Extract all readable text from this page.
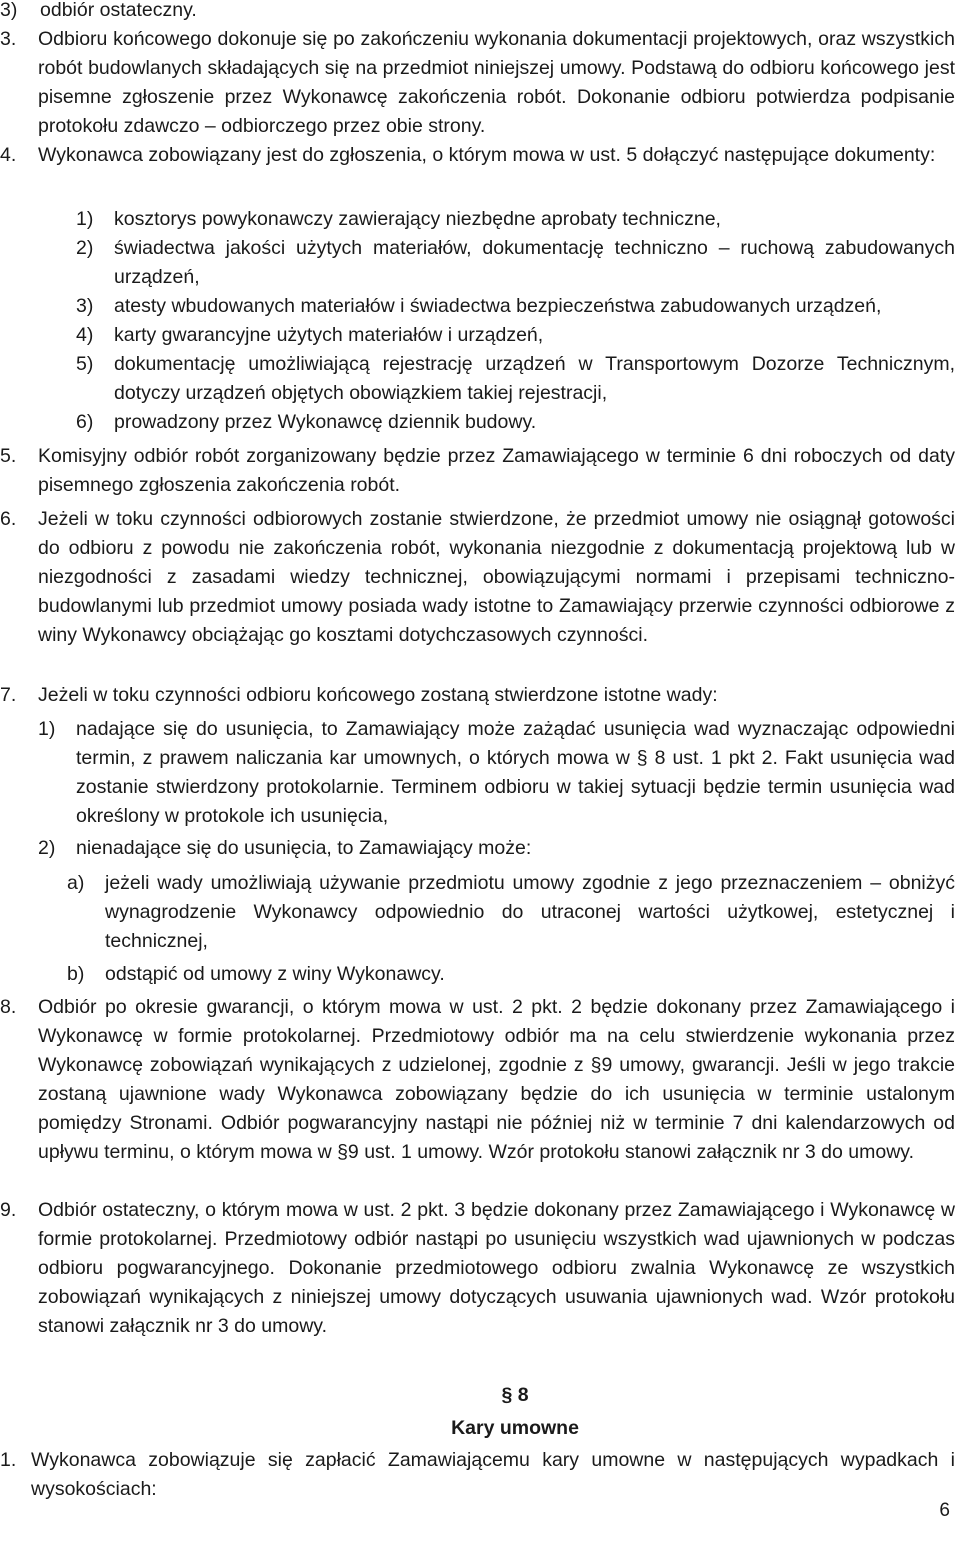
3) odbiór ostateczny.
3. Odbioru końcowego dokonuje się po zakończeniu wykonania dokumentacji projektowych, oraz wszystkich robót budowlanych składających się na przedmiot niniejszej umowy. Podstawą do odbioru końcowego jest pisemne zgłoszenie przez Wykonawcę zakończenia robót. Dokonanie odbioru potwierdza podpisanie protokołu zdawczo – odbiorczego przez obie strony.
4.	Wykonawca zobowiązany jest do zgłoszenia, o którym mowa w ust. 5 dołączyć następujące dokumenty:
1) kosztorys powykonawczy zawierający niezbędne aprobaty techniczne,
2) świadectwa jakości użytych materiałów, dokumentację techniczno – ruchową zabudowanych urządzeń,
3) atesty wbudowanych materiałów i świadectwa bezpieczeństwa zabudowanych urządzeń,
4) karty gwarancyjne użytych materiałów i urządzeń,
5) dokumentację umożliwiającą rejestrację urządzeń w Transportowym Dozorze Technicznym, dotyczy urządzeń objętych obowiązkiem takiej rejestracji,
6) prowadzony przez Wykonawcę dziennik budowy.
5. Komisyjny odbiór robót zorganizowany będzie przez Zamawiającego w terminie 6 dni roboczych od daty pisemnego zgłoszenia zakończenia robót.
6. Jeżeli w toku czynności odbiorowych zostanie stwierdzone, że przedmiot umowy nie osiągnął gotowości do odbioru z powodu nie zakończenia robót, wykonania niezgodnie z dokumentacją projektową lub w niezgodności z zasadami wiedzy technicznej, obowiązującymi normami i przepisami techniczno-budowlanymi lub przedmiot umowy posiada wady istotne to Zamawiający przerwie czynności odbiorowe z winy Wykonawcy obciążając go kosztami dotychczasowych czynności.
7. Jeżeli w toku czynności odbioru końcowego zostaną stwierdzone istotne wady:
1) nadające się do usunięcia, to Zamawiający może zażądać usunięcia wad wyznaczając odpowiedni termin, z prawem naliczania kar umownych, o których mowa w § 8 ust. 1 pkt 2. Fakt usunięcia wad zostanie stwierdzony protokolarnie. Terminem odbioru w takiej sytuacji będzie termin usunięcia wad określony w protokole ich usunięcia,
2) nienadające się do usunięcia, to Zamawiający może:
a) jeżeli wady umożliwiają używanie przedmiotu umowy zgodnie z jego przeznaczeniem – obniżyć wynagrodzenie Wykonawcy odpowiednio do utraconej wartości użytkowej, estetycznej i technicznej,
b) odstąpić od umowy z winy Wykonawcy.
8. Odbiór po okresie gwarancji, o którym mowa w ust. 2 pkt. 2 będzie dokonany przez Zamawiającego i Wykonawcę w formie protokolarnej. Przedmiotowy odbiór ma na celu stwierdzenie wykonania przez Wykonawcę zobowiązań wynikających z udzielonej, zgodnie z §9 umowy, gwarancji. Jeśli w jego trakcie zostaną ujawnione wady Wykonawca zobowiązany będzie do ich usunięcia w terminie ustalonym pomiędzy Stronami. Odbiór pogwarancyjny nastąpi nie później niż w terminie 7 dni kalendarzowych od upływu terminu, o którym mowa w §9 ust. 1 umowy. Wzór protokołu stanowi załącznik nr 3 do umowy.
9. Odbiór ostateczny, o którym mowa w ust. 2 pkt. 3 będzie dokonany przez Zamawiającego i Wykonawcę w formie protokolarnej. Przedmiotowy odbiór nastąpi po usunięciu wszystkich wad ujawnionych w podczas odbioru pogwarancyjnego. Dokonanie przedmiotowego odbioru zwalnia Wykonawcę ze wszystkich zobowiązań wynikających z niniejszej umowy dotyczących usuwania ujawnionych wad. Wzór protokołu stanowi załącznik nr 3 do umowy.
§ 8
Kary umowne
1. Wykonawca zobowiązuje się zapłacić Zamawiającemu kary umowne w następujących wypadkach i wysokościach:
6
